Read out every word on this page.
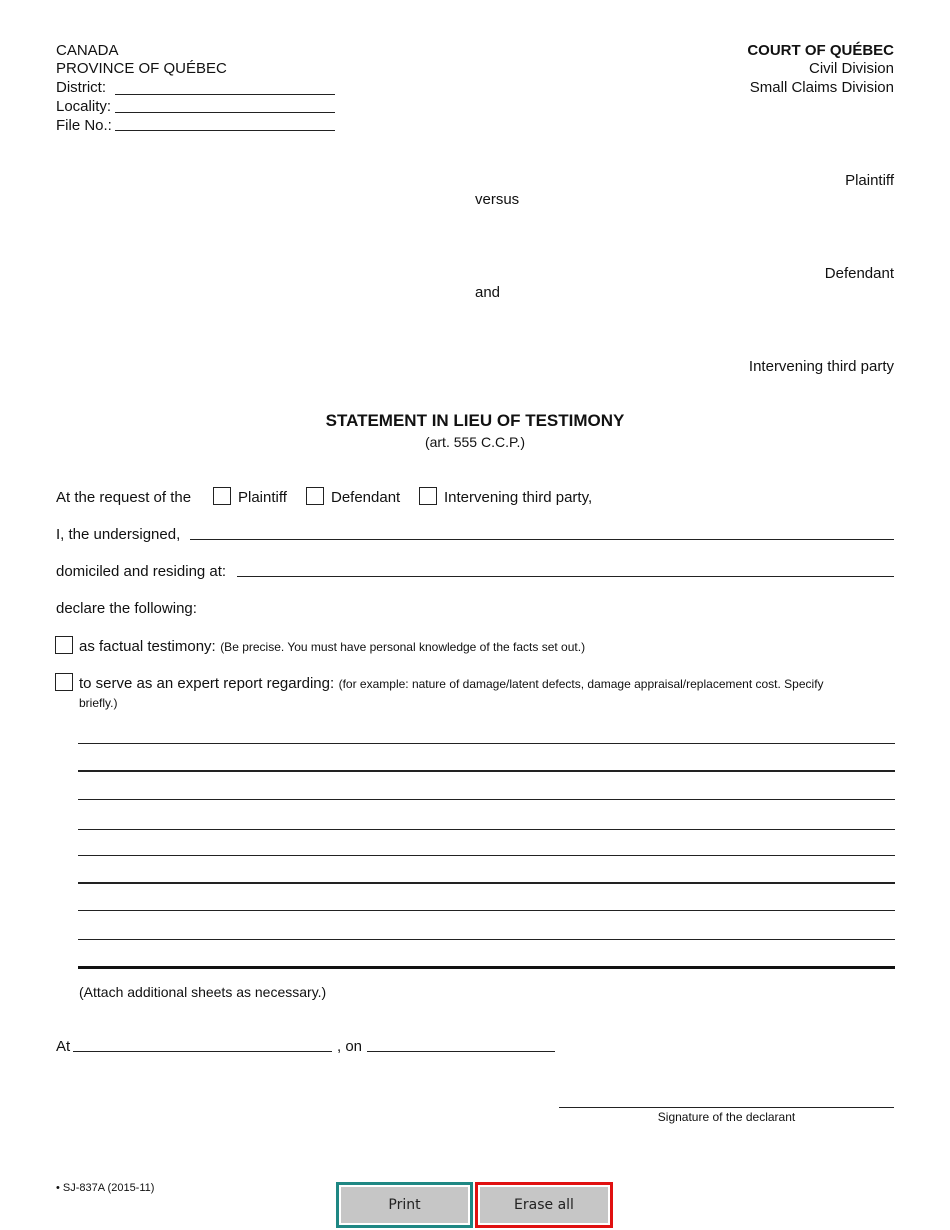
CANADA
PROVINCE OF QUÉBEC
District:
Locality:
File No.:
COURT OF QUÉBEC
Civil Division
Small Claims Division
Plaintiff
versus
Defendant
and
Intervening third party
STATEMENT IN LIEU OF TESTIMONY
(art. 555 C.C.P.)
At the request of the	Plaintiff	Defendant	Intervening third party,
I, the undersigned,
domiciled and residing at:
declare the following:
as factual testimony: (Be precise. You must have personal knowledge of the facts set out.)
to serve as an expert report regarding: (for example: nature of damage/latent defects, damage appraisal/replacement cost. Specify
briefly.)
(Attach additional sheets as necessary.)
At	, on
Signature of the declarant
• SJ-837A (2015-11)
Print	Erase all
